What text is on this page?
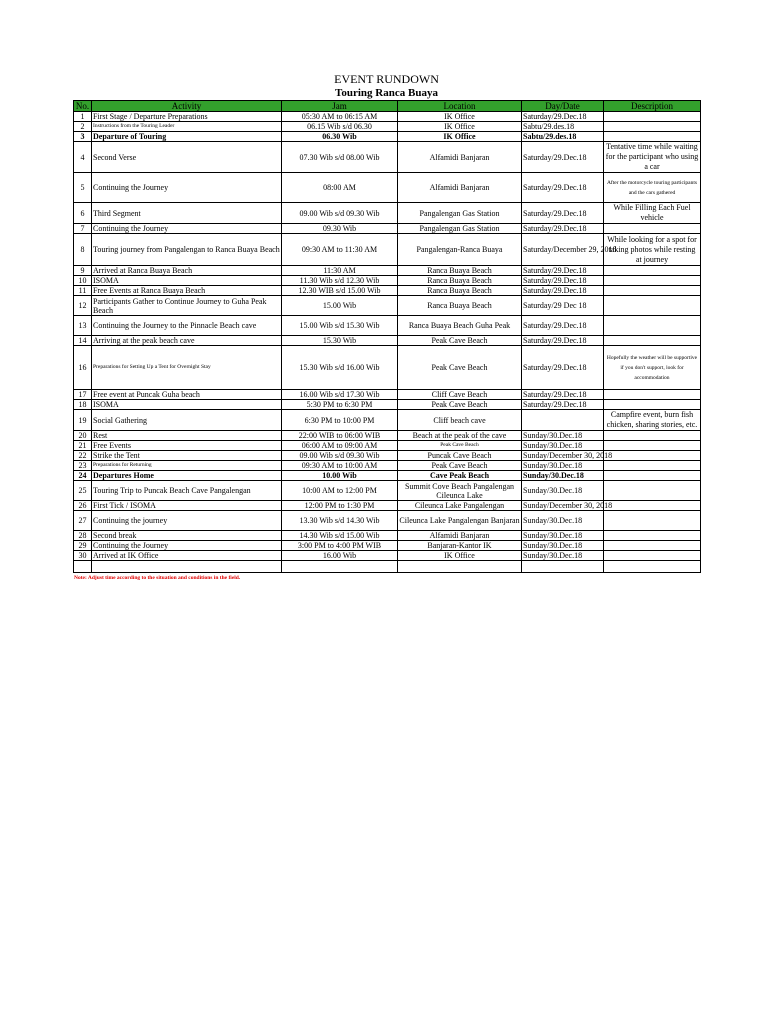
EVENT RUNDOWN
Touring Ranca Buaya
No.	Activity	Jam	Location	Day/Date	Description
1	First Stage / Departure Preparations	05:30 AM to 06:15 AM	IK Office	Saturday/29.Dec.18	
2	Instructions from the Touring Leader	06.15 Wib s/d 06.30	IK Office	Sabtu/29.des.18	
3	Departure of Touring	06.30 Wib	IK Office	Sabtu/29.des.18	
4	Second Verse	07.30 Wib s/d 08.00 Wib	Alfamidi Banjaran	Saturday/29.Dec.18	Tentative time while waiting for the participant who using a car
5	Continuing the Journey	08:00 AM	Alfamidi Banjaran	Saturday/29.Dec.18	After the motorcycle touring participants and the cars gathered
6	Third Segment	09.00 Wib s/d 09.30 Wib	Pangalengan Gas Station	Saturday/29.Dec.18	While Filling Each Fuel vehicle
7	Continuing the Journey	09.30 Wib	Pangalengan Gas Station	Saturday/29.Dec.18	
8	Touring journey from Pangalengan to Ranca Buaya Beach	09:30 AM to 11:30 AM	Pangalengan-Ranca Buaya	Saturday/December 29, 2018	While looking for a spot for taking photos while resting at journey
9	Arrived at Ranca Buaya Beach	11:30 AM	Ranca Buaya Beach	Saturday/29.Dec.18	
10	ISOMA	11.30 Wib s/d 12.30 Wib	Ranca Buaya Beach	Saturday/29.Dec.18	
11	Free Events at Ranca Buaya Beach	12.30 WIB s/d 15.00 Wib	Ranca Buaya Beach	Saturday/29.Dec.18	
12	Participants Gather to Continue Journey to Guha Peak Beach	15.00 Wib	Ranca Buaya Beach	Saturday/29 Dec 18	
13	Continuing the Journey to the Pinnacle Beach cave	15.00 Wib s/d 15.30 Wib	Ranca Buaya Beach Guha Peak	Saturday/29.Dec.18	
14	Arriving at the peak beach cave	15.30 Wib	Peak Cave Beach	Saturday/29.Dec.18	
16	Preparations for Setting Up a Tent for Overnight Stay	15.30 Wib s/d 16.00 Wib	Peak Cave Beach	Saturday/29.Dec.18	Hopefully the weather will be supportive if you don't support, look for accommodation
17	Free event at Puncak Guha beach	16.00 Wib s/d 17.30 Wib	Cliff Cave Beach	Saturday/29.Dec.18	
18	ISOMA	5:30 PM to 6:30 PM	Peak Cave Beach	Saturday/29.Dec.18	
19	Social Gathering	6:30 PM to 10:00 PM	Cliff beach cave		Campfire event, burn fish chicken, sharing stories, etc.
20	Rest	22:00 WIB to 06:00 WIB	Beach at the peak of the cave	Sunday/30.Dec.18	
21	Free Events	06:00 AM to 09:00 AM	Peak Cave Beach	Sunday/30.Dec.18	
22	Strike the Tent	09.00 Wib s/d 09.30 Wib	Puncak Cave Beach	Sunday/December 30, 2018	
23	Preparations for Returning	09:30 AM to 10:00 AM	Peak Cave Beach	Sunday/30.Dec.18	
24	Departures Home	10.00 Wib	Cave Peak Beach	Sunday/30.Dec.18	
25	Touring Trip to Puncak Beach Cave Pangalengan	10:00 AM to 12:00 PM	Summit Cove Beach Pangalengan Cileunca Lake	Sunday/30.Dec.18	
26	First Tick / ISOMA	12:00 PM to 1:30 PM	Cileunca Lake Pangalengan	Sunday/December 30, 2018	
27	Continuing the journey	13.30 Wib s/d 14.30 Wib	Cileunca Lake Pangalengan Banjaran	Sunday/30.Dec.18	
28	Second break	14.30 Wib s/d 15.00 Wib	Alfamidi Banjaran	Sunday/30.Dec.18	
29	Continuing the Journey	3:00 PM to 4:00 PM WIB	Banjaran-Kantor IK	Sunday/30.Dec.18	
30	Arrived at IK Office	16.00 Wib	IK Office	Sunday/30.Dec.18	

Note: Adjust time according to the situation and conditions in the field.
